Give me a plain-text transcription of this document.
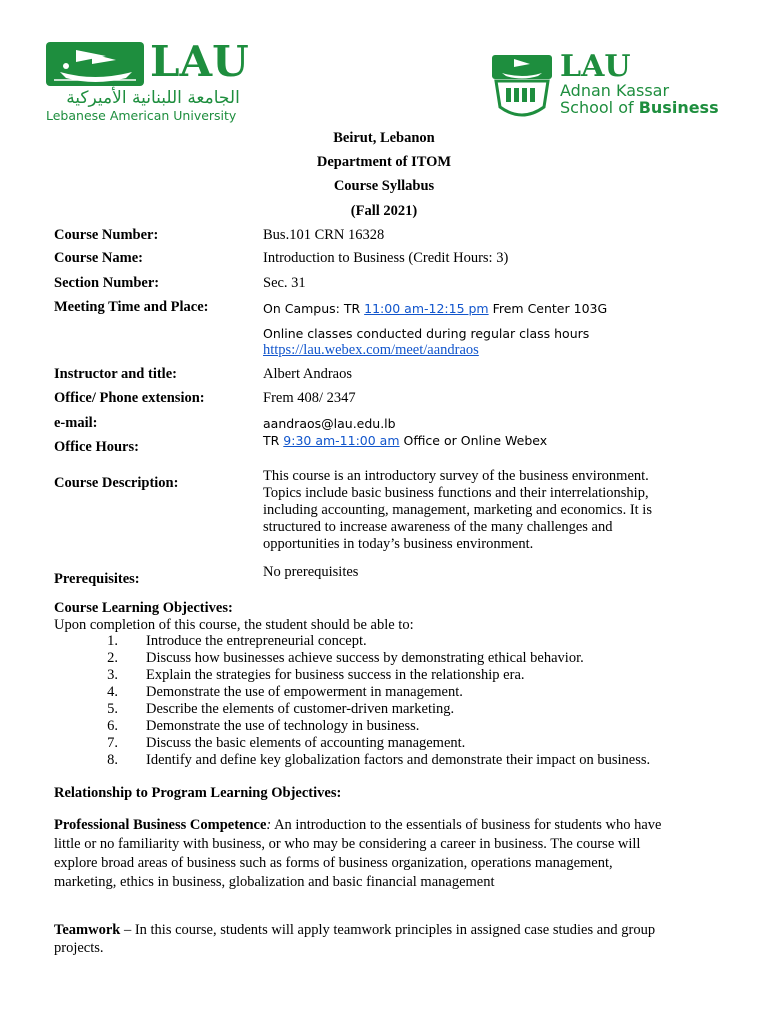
LAU
الجامعة اللبنانية الأميركية
Lebanese American University
LAU
Adnan Kassar
School of Business
Beirut, Lebanon
Department of ITOM
Course Syllabus
(Fall 2021)
Course Number:	Bus.101 CRN 16328
Course Name:	Introduction to Business (Credit Hours: 3)
Section Number:	Sec. 31
Meeting Time and Place:	On Campus: TR 11:00 am-12:15 pm Frem Center 103G
Online classes conducted during regular class hours
https://lau.webex.com/meet/aandraos
Instructor and title:	Albert Andraos
Office/ Phone extension:	Frem 408/ 2347
e-mail:	aandraos@lau.edu.lb
Office Hours:	TR 9:30 am-11:00 am Office or Online Webex
Course Description:	This course is an introductory survey of the business environment.
Topics include basic business functions and their interrelationship,
including accounting, management, marketing and economics. It is
structured to increase awareness of the many challenges and
opportunities in today’s business environment.
Prerequisites:	No prerequisites
Course Learning Objectives:
Upon completion of this course, the student should be able to:
1. Introduce the entrepreneurial concept.
2. Discuss how businesses achieve success by demonstrating ethical behavior.
3. Explain the strategies for business success in the relationship era.
4. Demonstrate the use of empowerment in management.
5. Describe the elements of customer-driven marketing.
6. Demonstrate the use of technology in business.
7. Discuss the basic elements of accounting management.
8. Identify and define key globalization factors and demonstrate their impact on business.
Relationship to Program Learning Objectives:
Professional Business Competence: An introduction to the essentials of business for students who have
little or no familiarity with business, or who may be considering a career in business. The course will
explore broad areas of business such as forms of business organization, operations management,
marketing, ethics in business, globalization and basic financial management
Teamwork – In this course, students will apply teamwork principles in assigned case studies and group
projects.
